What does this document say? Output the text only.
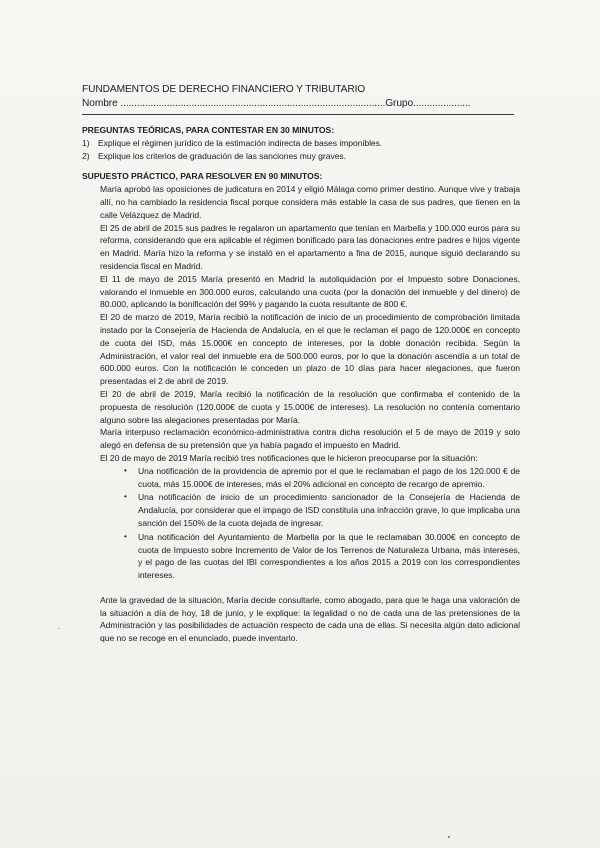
FUNDAMENTOS DE DERECHO FINANCIERO Y TRIBUTARIO
Nombre .................................................................................................Grupo.....................
PREGUNTAS TEÓRICAS, PARA CONTESTAR EN 30 MINUTOS:
1) Explique el régimen jurídico de la estimación indirecta de bases imponibles.
2) Explique los criterios de graduación de las sanciones muy graves.
SUPUESTO PRÁCTICO, PARA RESOLVER EN 90 MINUTOS:

María aprobó las oposiciones de judicatura en 2014 y eligió Málaga como primer destino. Aunque vive y trabaja allí, no ha cambiado la residencia fiscal porque considera más estable la casa de sus padres, que tienen en la calle Velázquez de Madrid.

El 25 de abril de 2015 sus padres le regalaron un apartamento que tenían en Marbella y 100.000 euros para su reforma, considerando que era aplicable el régimen bonificado para las donaciones entre padres e hijos vigente en Madrid. María hizo la reforma y se instaló en el apartamento a fina de 2015, aunque siguió declarando su residencia fiscal en Madrid.

El 11 de mayo de 2015 María presentó en Madrid la autoliquidación por el Impuesto sobre Donaciones, valorando el inmueble en 300.000 euros, calculando una cuota (por la donación del inmueble y del dinero) de 80.000, aplicando la bonificación del 99% y pagando la cuota resultante de 800 €.

El 20 de marzo de 2019, María recibió la notificación de inicio de un procedimiento de comprobación limitada instado por la Consejería de Hacienda de Andalucía, en el que le reclaman el pago de 120.000€ en concepto de cuota del ISD, más 15.000€ en concepto de intereses, por la doble donación recibida. Según la Administración, el valor real del inmueble era de 500.000 euros, por lo que la donación ascendía a un total de 600.000 euros. Con la notificación le conceden un plazo de 10 días para hacer alegaciones, que fueron presentadas el 2 de abril de 2019.

El 20 de abril de 2019, María recibió la notificación de la resolución que confirmaba el contenido de la propuesta de resolución (120.000€ de cuota y 15.000€ de intereses). La resolución no contenía comentario alguno sobre las alegaciones presentadas por María.

María interpuso reclamación económico-administrativa contra dicha resolución el 5 de mayo de 2019 y solo alegó en defensa de su pretensión que ya había pagado el impuesto en Madrid.

El 20 de mayo de 2019 María recibió tres notificaciones que le hicieron preocuparse por la situación:

•	Una notificación de la providencia de apremio por el que le reclamaban el pago de los 120.000 € de cuota, más 15.000€ de intereses, más el 20% adicional en concepto de recargo de apremio.
•	Una notificación de inicio de un procedimiento sancionador de la Consejería de Hacienda de Andalucía, por considerar que el impago de ISD constituía una infracción grave, lo que implicaba una sanción del 150% de la cuota dejada de ingresar.
•	Una notificación del Ayuntamiento de Marbella por la que le reclamaban 30.000€ en concepto de cuota de Impuesto sobre Incremento de Valor de los Terrenos de Naturaleza Urbana, más intereses, y el pago de las cuotas del IBI correspondientes a los años 2015 a 2019 con los correspondientes intereses.

Ante la gravedad de la situación, María decide consultarle, como abogado, para que le haga una valoración de la situación a día de hoy, 18 de junio, y le explique: la legalidad o no de cada una de las pretensiones de la Administración y las posibilidades de actuación respecto de cada una de ellas. Si necesita algún dato adicional que no se recoge en el enunciado, puede inventarlo.
